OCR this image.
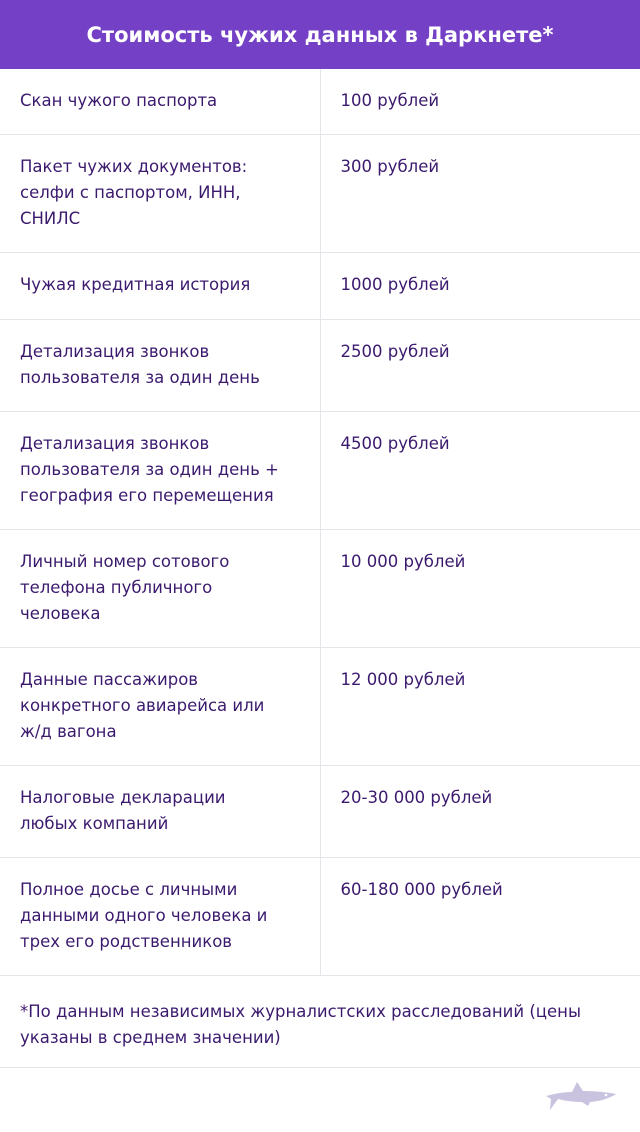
Стоимость чужих данных в Даркнете*
Скан чужого паспорта	100 рублей
Пакет чужих документов: селфи с паспортом, ИНН, СНИЛС	300 рублей
Чужая кредитная история	1000 рублей
Детализация звонков пользователя за один день	2500 рублей
Детализация звонков пользователя за один день + география его перемещения	4500 рублей
Личный номер сотового телефона публичного человека	10 000 рублей
Данные пассажиров конкретного авиарейса или ж/д вагона	12 000 рублей
Налоговые декларации любых компаний	20-30 000 рублей
Полное досье с личными данными одного человека и трех его родственников	60-180 000 рублей
*По данным независимых журналистских расследований (цены указаны в среднем значении)
